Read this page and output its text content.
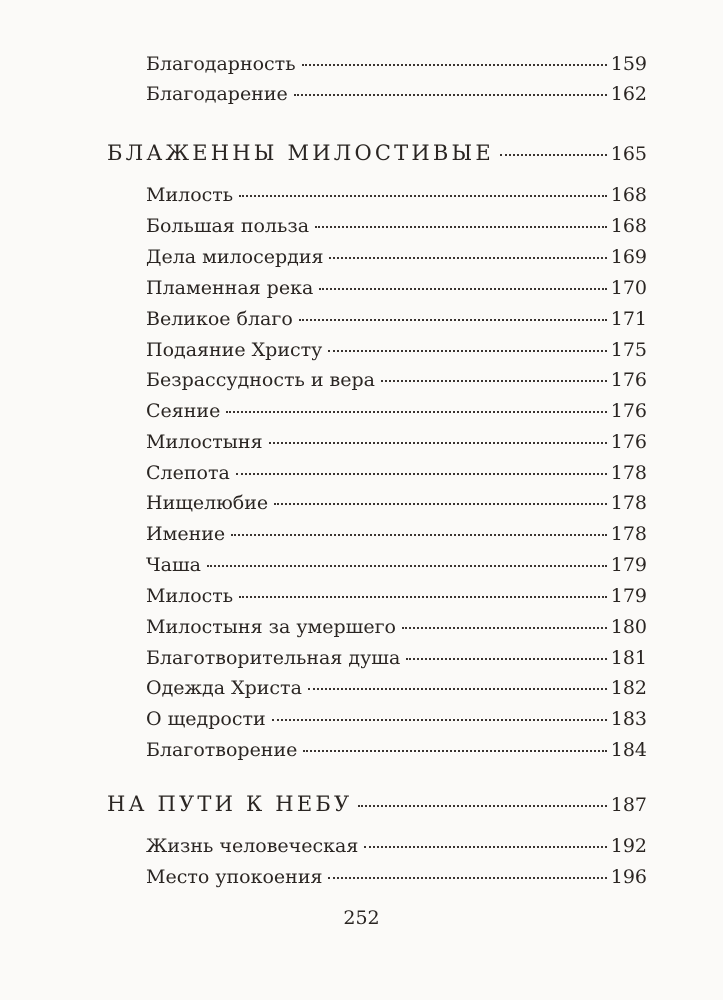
Благодарность	159
Благодарение	162
БЛАЖЕННЫ МИЛОСТИВЫЕ	165
Милость	168
Большая польза	168
Дела милосердия	169
Пламенная река	170
Великое благо	171
Подаяние Христу	175
Безрассудность и вера	176
Сеяние	176
Милостыня	176
Слепота	178
Нищелюбие	178
Имение	178
Чаша	179
Милость	179
Милостыня за умершего	180
Благотворительная душа	181
Одежда Христа	182
О щедрости	183
Благотворение	184
НА ПУТИ К НЕБУ	187
Жизнь человеческая	192
Место упокоения	196
252
